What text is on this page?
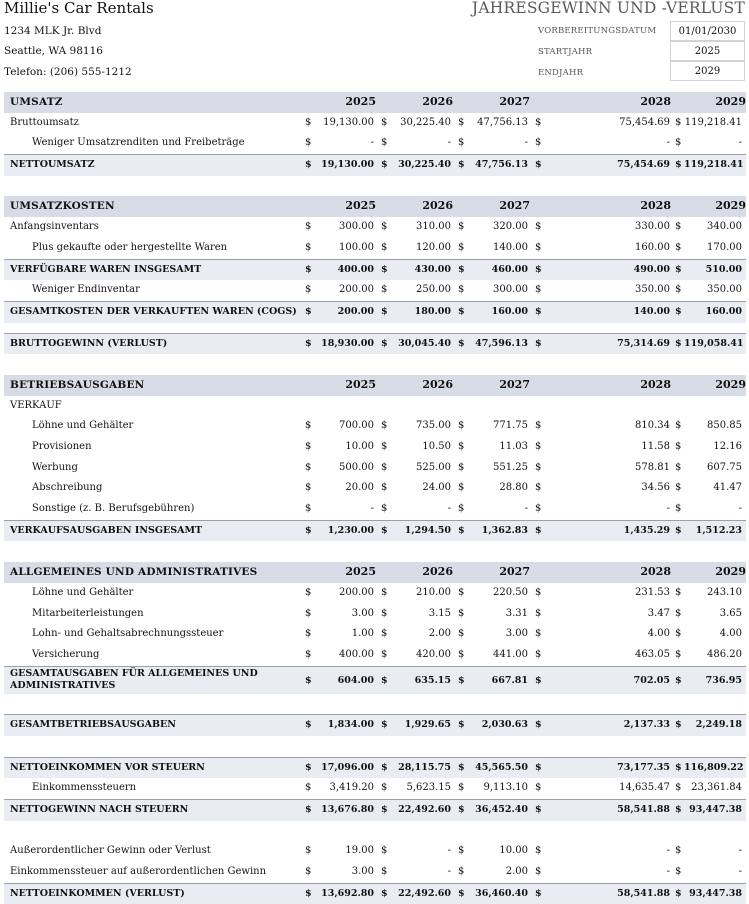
Millie's Car Rentals
1234 MLK Jr. Blvd
Seattle, WA 98116
Telefon: (206) 555-1212
JAHRESGEWINN UND -VERLUST
VORBEREITUNGSDATUM	01/01/2030
STARTJAHR	2025
ENDJAHR	2029
UMSATZ	2025	2026	2027	2028	2029
Bruttoumsatz	$	19,130.00 $	30,225.40 $	47,756.13 $	75,454.69 $ 119,218.41
Weniger Umsatzrenditen und Freibeträge	$	- $	- $	- $	- $	-
NETTOUMSATZ	$ 19,130.00 $	30,225.40 $	47,756.13 $	75,454.69 $ 119,218.41
UMSATZKOSTEN	2025	2026	2027	2028	2029
Anfangsinventars	$	300.00 $	310.00 $	320.00 $	330.00 $	340.00
Plus gekaufte oder hergestellte Waren	$	100.00 $	120.00 $	140.00 $	160.00 $	170.00
VERFÜGBARE WAREN INSGESAMT	$	400.00 $	430.00 $	460.00 $	490.00 $	510.00
Weniger Endinventar	$	200.00 $	250.00 $	300.00 $	350.00 $	350.00
GESAMTKOSTEN DER VERKAUFTEN WAREN (COGS) $	200.00 $	180.00 $	160.00 $	140.00 $	160.00
BRUTTOGEWINN (VERLUST)	$ 18,930.00 $	30,045.40 $	47,596.13 $	75,314.69 $ 119,058.41
BETRIEBSAUSGABEN	2025	2026	2027	2028	2029
VERKAUF
Löhne und Gehälter	$	700.00 $	735.00 $	771.75 $	810.34 $	850.85
Provisionen	$	10.00 $	10.50 $	11.03 $	11.58 $	12.16
Werbung	$	500.00 $	525.00 $	551.25 $	578.81 $	607.75
Abschreibung	$	20.00 $	24.00 $	28.80 $	34.56 $	41.47
Sonstige (z. B. Berufsgebühren)	$	- $	- $	- $	- $	-
VERKAUFSAUSGABEN INSGESAMT	$	1,230.00 $	1,294.50 $	1,362.83 $	1,435.29 $	1,512.23
ALLGEMEINES UND ADMINISTRATIVES	2025	2026	2027	2028	2029
Löhne und Gehälter	$	200.00 $	210.00 $	220.50 $	231.53 $	243.10
Mitarbeiterleistungen	$	3.00 $	3.15 $	3.31 $	3.47 $	3.65
Lohn- und Gehaltsabrechnungssteuer	$	1.00 $	2.00 $	3.00 $	4.00 $	4.00
Versicherung	$	400.00 $	420.00 $	441.00 $	463.05 $	486.20
GESAMTAUSGABEN FÜR ALLGEMEINES UND ADMINISTRATIVES	$	604.00 $	635.15 $	667.81 $	702.05 $	736.95
GESAMTBETRIEBSAUSGABEN	$	1,834.00 $	1,929.65 $	2,030.63 $	2,137.33 $	2,249.18
NETTOEINKOMMEN VOR STEUERN	$ 17,096.00 $	28,115.75 $	45,565.50 $	73,177.35 $ 116,809.22
Einkommenssteuern	$	3,419.20 $	5,623.15 $	9,113.10 $	14,635.47 $ 23,361.84
NETTOGEWINN NACH STEUERN	$ 13,676.80 $	22,492.60 $	36,452.40 $	58,541.88 $ 93,447.38
Außerordentlicher Gewinn oder Verlust	$	19.00 $	- $	10.00 $	- $	-
Einkommenssteuer auf außerordentlichen Gewinn	$	3.00 $	- $	2.00 $	- $	-
NETTOEINKOMMEN (VERLUST)	$ 13,692.80 $	22,492.60 $	36,460.40 $	58,541.88 $ 93,447.38
